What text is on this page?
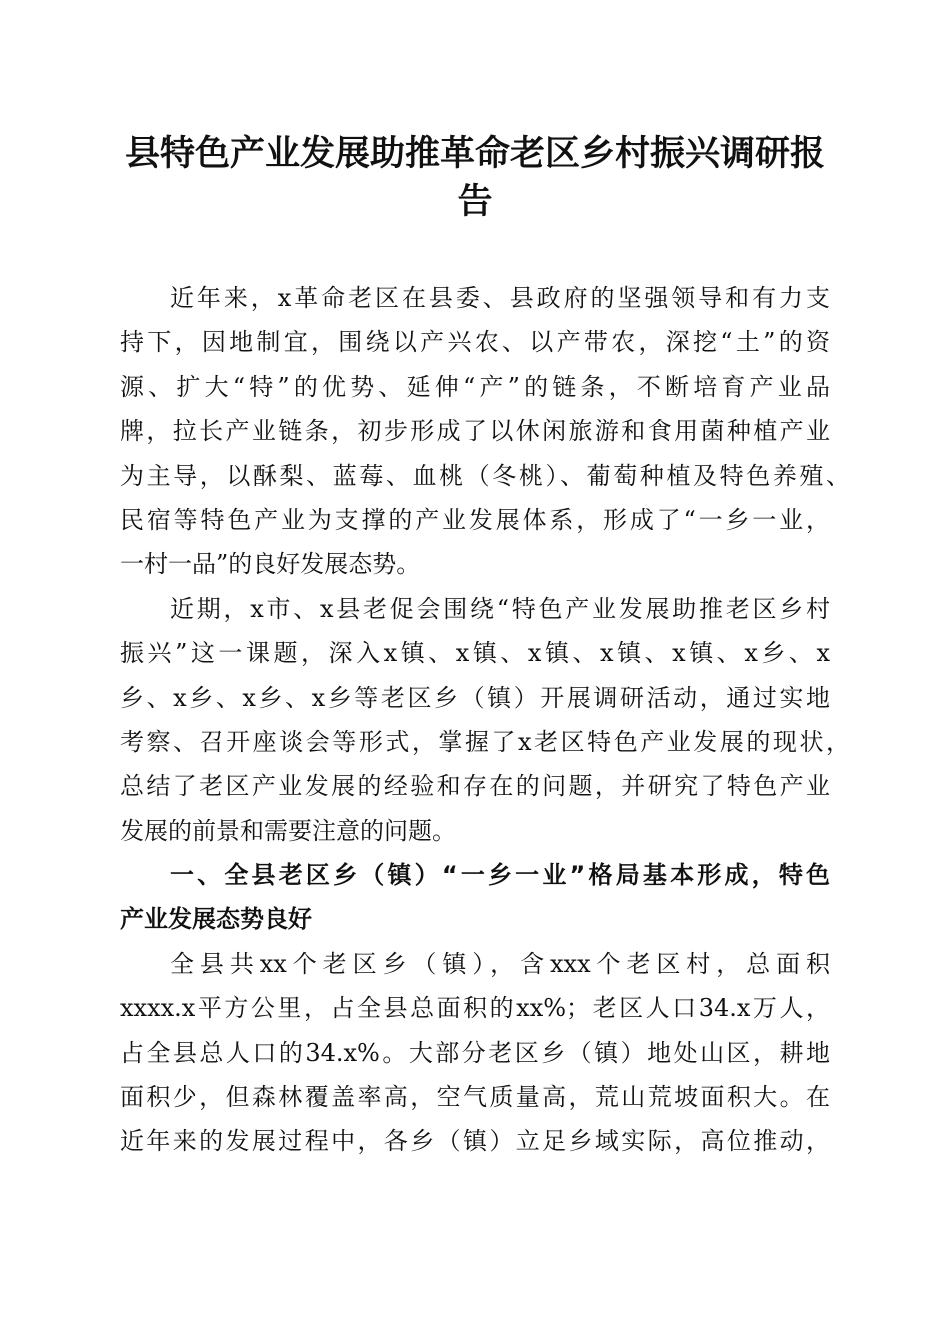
县特色产业发展助推革命老区乡村振兴调研报
告
近年来，x革命老区在县委、县政府的坚强领导和有力支
持下，因地制宜，围绕以产兴农、以产带农，深挖“土”的资
源、扩大“特”的优势、延伸“产”的链条，不断培育产业品
牌，拉长产业链条，初步形成了以休闲旅游和食用菌种植产业
为主导，以酥梨、蓝莓、血桃（冬桃）、葡萄种植及特色养殖、
民宿等特色产业为支撑的产业发展体系，形成了“一乡一业，
一村一品”的良好发展态势。
近期，x市、x县老促会围绕“特色产业发展助推老区乡村
振兴”这一课题，深入x镇、x镇、x镇、x镇、x镇、x乡、x
乡、x乡、x乡、x乡等老区乡（镇）开展调研活动，通过实地
考察、召开座谈会等形式，掌握了x老区特色产业发展的现状，
总结了老区产业发展的经验和存在的问题，并研究了特色产业
发展的前景和需要注意的问题。
一、全县老区乡（镇）“一乡一业”格局基本形成，特色
产业发展态势良好
全县共xx个老区乡（镇），含xxx个老区村，总面积
xxxx.x平方公里，占全县总面积的xx%；老区人口34.x万人，
占全县总人口的34.x%。大部分老区乡（镇）地处山区，耕地
面积少，但森林覆盖率高，空气质量高，荒山荒坡面积大。在
近年来的发展过程中，各乡（镇）立足乡域实际，高位推动，
